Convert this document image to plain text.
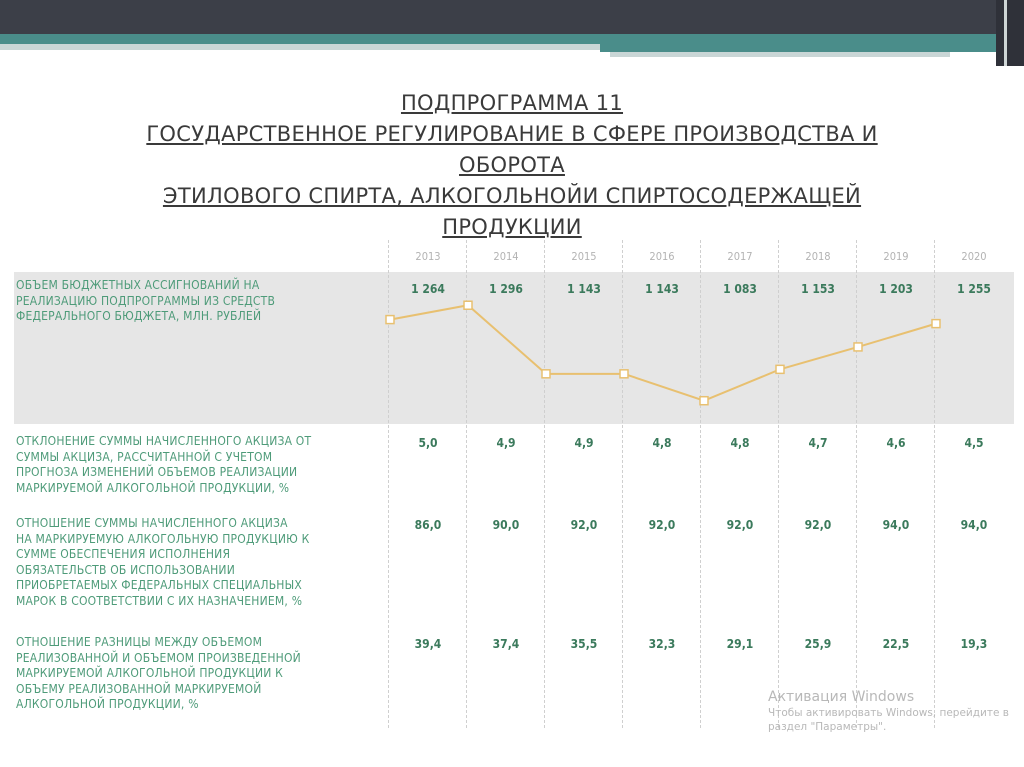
ПОДПРОГРАММА 11
ГОСУДАРСТВЕННОЕ РЕГУЛИРОВАНИЕ В СФЕРЕ ПРОИЗВОДСТВА И
ОБОРОТА
ЭТИЛОВОГО СПИРТА, АЛКОГОЛЬНОЙИ СПИРТОСОДЕРЖАЩЕЙ
ПРОДУКЦИИ
2013	2014	2015	2016	2017	2018	2019	2020
ОБЪЕМ БЮДЖЕТНЫХ АССИГНОВАНИЙ НА
РЕАЛИЗАЦИЮ ПОДПРОГРАММЫ ИЗ СРЕДСТВ
ФЕДЕРАЛЬНОГО БЮДЖЕТА, МЛН. РУБЛЕЙ
1 264	1 296	1 143	1 143	1 083	1 153	1 203	1 255
ОТКЛОНЕНИЕ СУММЫ НАЧИСЛЕННОГО АКЦИЗА ОТ
СУММЫ АКЦИЗА, РАССЧИТАННОЙ С УЧЕТОМ
ПРОГНОЗА ИЗМЕНЕНИЙ ОБЪЕМОВ РЕАЛИЗАЦИИ
МАРКИРУЕМОЙ АЛКОГОЛЬНОЙ ПРОДУКЦИИ, %
5,0	4,9	4,9	4,8	4,8	4,7	4,6	4,5
ОТНОШЕНИЕ СУММЫ НАЧИСЛЕННОГО АКЦИЗА
НА МАРКИРУЕМУЮ АЛКОГОЛЬНУЮ ПРОДУКЦИЮ К
СУММЕ ОБЕСПЕЧЕНИЯ ИСПОЛНЕНИЯ
ОБЯЗАТЕЛЬСТВ ОБ ИСПОЛЬЗОВАНИИ
ПРИОБРЕТАЕМЫХ ФЕДЕРАЛЬНЫХ СПЕЦИАЛЬНЫХ
МАРОК В СООТВЕТСТВИИ С ИХ НАЗНАЧЕНИЕМ, %
86,0	90,0	92,0	92,0	92,0	92,0	94,0	94,0
ОТНОШЕНИЕ РАЗНИЦЫ МЕЖДУ ОБЪЕМОМ
РЕАЛИЗОВАННОЙ И ОБЪЕМОМ ПРОИЗВЕДЕННОЙ
МАРКИРУЕМОЙ АЛКОГОЛЬНОЙ ПРОДУКЦИИ К
ОБЪЕМУ РЕАЛИЗОВАННОЙ МАРКИРУЕМОЙ
АЛКОГОЛЬНОЙ ПРОДУКЦИИ, %
39,4	37,4	35,5	32,3	29,1	25,9	22,5	19,3
Активация Windows
Чтобы активировать Windows, перейдите в
раздел "Параметры".
